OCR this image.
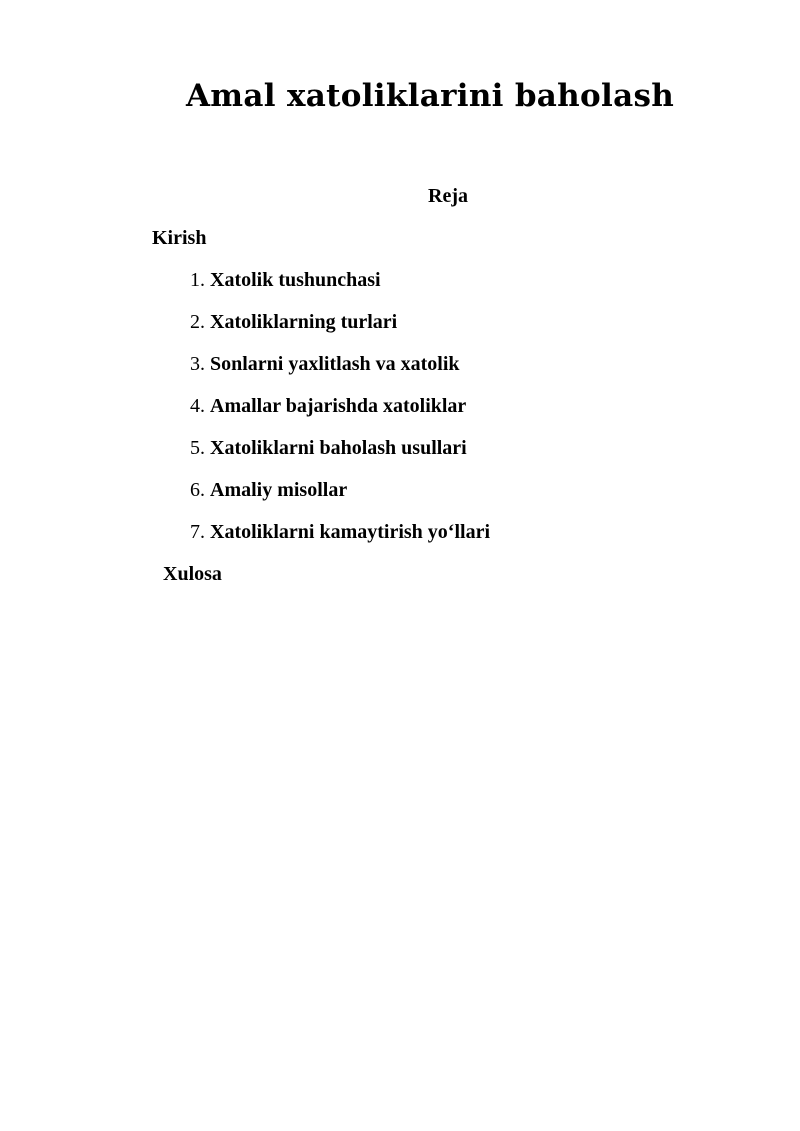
Amal xatoliklarini baholash

Reja

Kirish

1. Xatolik tushunchasi
2. Xatoliklarning turlari
3. Sonlarni yaxlitlash va xatolik
4. Amallar bajarishda xatoliklar
5. Xatoliklarni baholash usullari
6. Amaliy misollar
7. Xatoliklarni kamaytirish yo‘llari

Xulosa
